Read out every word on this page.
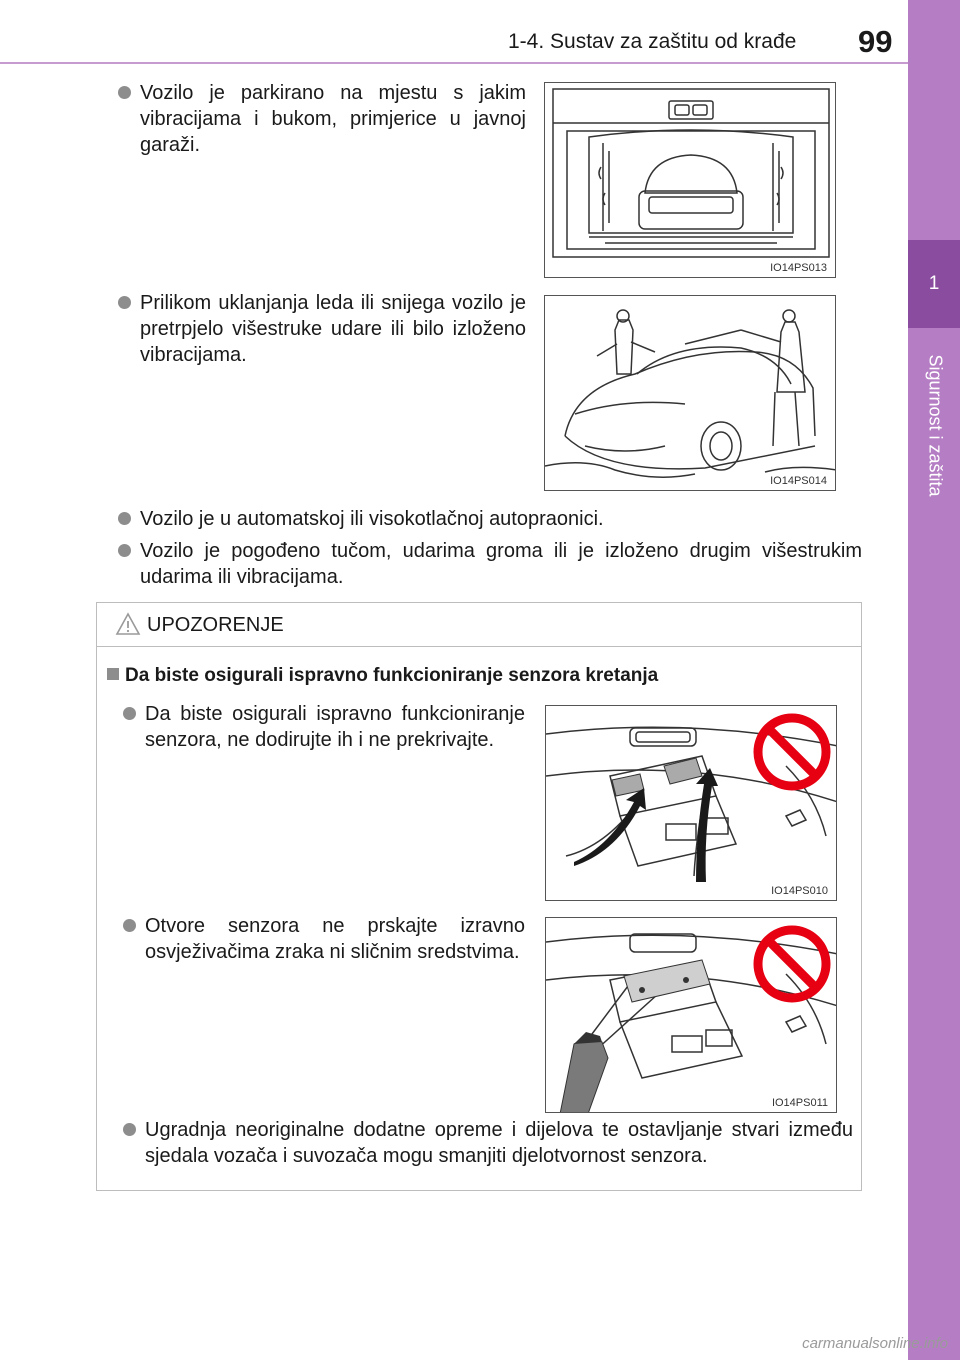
1-4. Sustav za zaštitu od krađe 99
1
Sigurnost i zaštita
Vozilo je parkirano na mjestu s jakim vibracijama i bukom, primjerice u javnoj garaži.
IO14PS013
Prilikom uklanjanja leda ili snijega vozilo je pretrpjelo višestruke udare ili bilo izloženo vibracijama.
IO14PS014
Vozilo je u automatskoj ili visokotlačnoj autopraonici.
Vozilo je pogođeno tučom, udarima groma ili je izloženo drugim višestrukim udarima ili vibracijama.
UPOZORENJE
Da biste osigurali ispravno funkcioniranje senzora kretanja
Da biste osigurali ispravno funkcioniranje senzora, ne dodirujte ih i ne prekrivajte.
IO14PS010
Otvore senzora ne prskajte izravno osvježivačima zraka ni sličnim sredstvima.
IO14PS011
Ugradnja neoriginalne dodatne opreme i dijelova te ostavljanje stvari između sjedala vozača i suvozača mogu smanjiti djelotvornost senzora.
carmanualsonline.info
